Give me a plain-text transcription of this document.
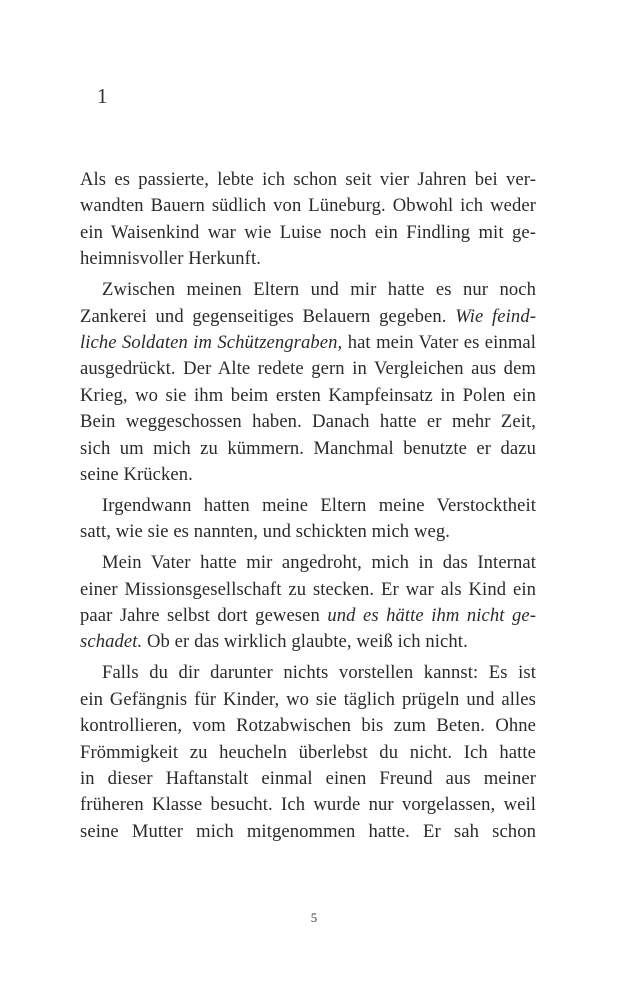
1
Als es passierte, lebte ich schon seit vier Jahren bei ver-
wandten Bauern südlich von Lüneburg. Obwohl ich weder
ein Waisenkind war wie Luise noch ein Findling mit ge-
heimnisvoller Herkunft.
Zwischen meinen Eltern und mir hatte es nur noch
Zankerei und gegenseitiges Belauern gegeben. Wie feind-
liche Soldaten im Schützengraben, hat mein Vater es einmal
ausgedrückt. Der Alte redete gern in Vergleichen aus dem
Krieg, wo sie ihm beim ersten Kampfeinsatz in Polen ein
Bein weggeschossen haben. Danach hatte er mehr Zeit,
sich um mich zu kümmern. Manchmal benutzte er dazu
seine Krücken.
Irgendwann hatten meine Eltern meine Verstocktheit
satt, wie sie es nannten, und schickten mich weg.
Mein Vater hatte mir angedroht, mich in das Internat
einer Missionsgesellschaft zu stecken. Er war als Kind ein
paar Jahre selbst dort gewesen und es hätte ihm nicht ge-
schadet. Ob er das wirklich glaubte, weiß ich nicht.
Falls du dir darunter nichts vorstellen kannst: Es ist
ein Gefängnis für Kinder, wo sie täglich prügeln und alles
kontrollieren, vom Rotzabwischen bis zum Beten. Ohne
Frömmigkeit zu heucheln überlebst du nicht. Ich hatte
in dieser Haftanstalt einmal einen Freund aus meiner
früheren Klasse besucht. Ich wurde nur vorgelassen, weil
seine Mutter mich mitgenommen hatte. Er sah schon
5
